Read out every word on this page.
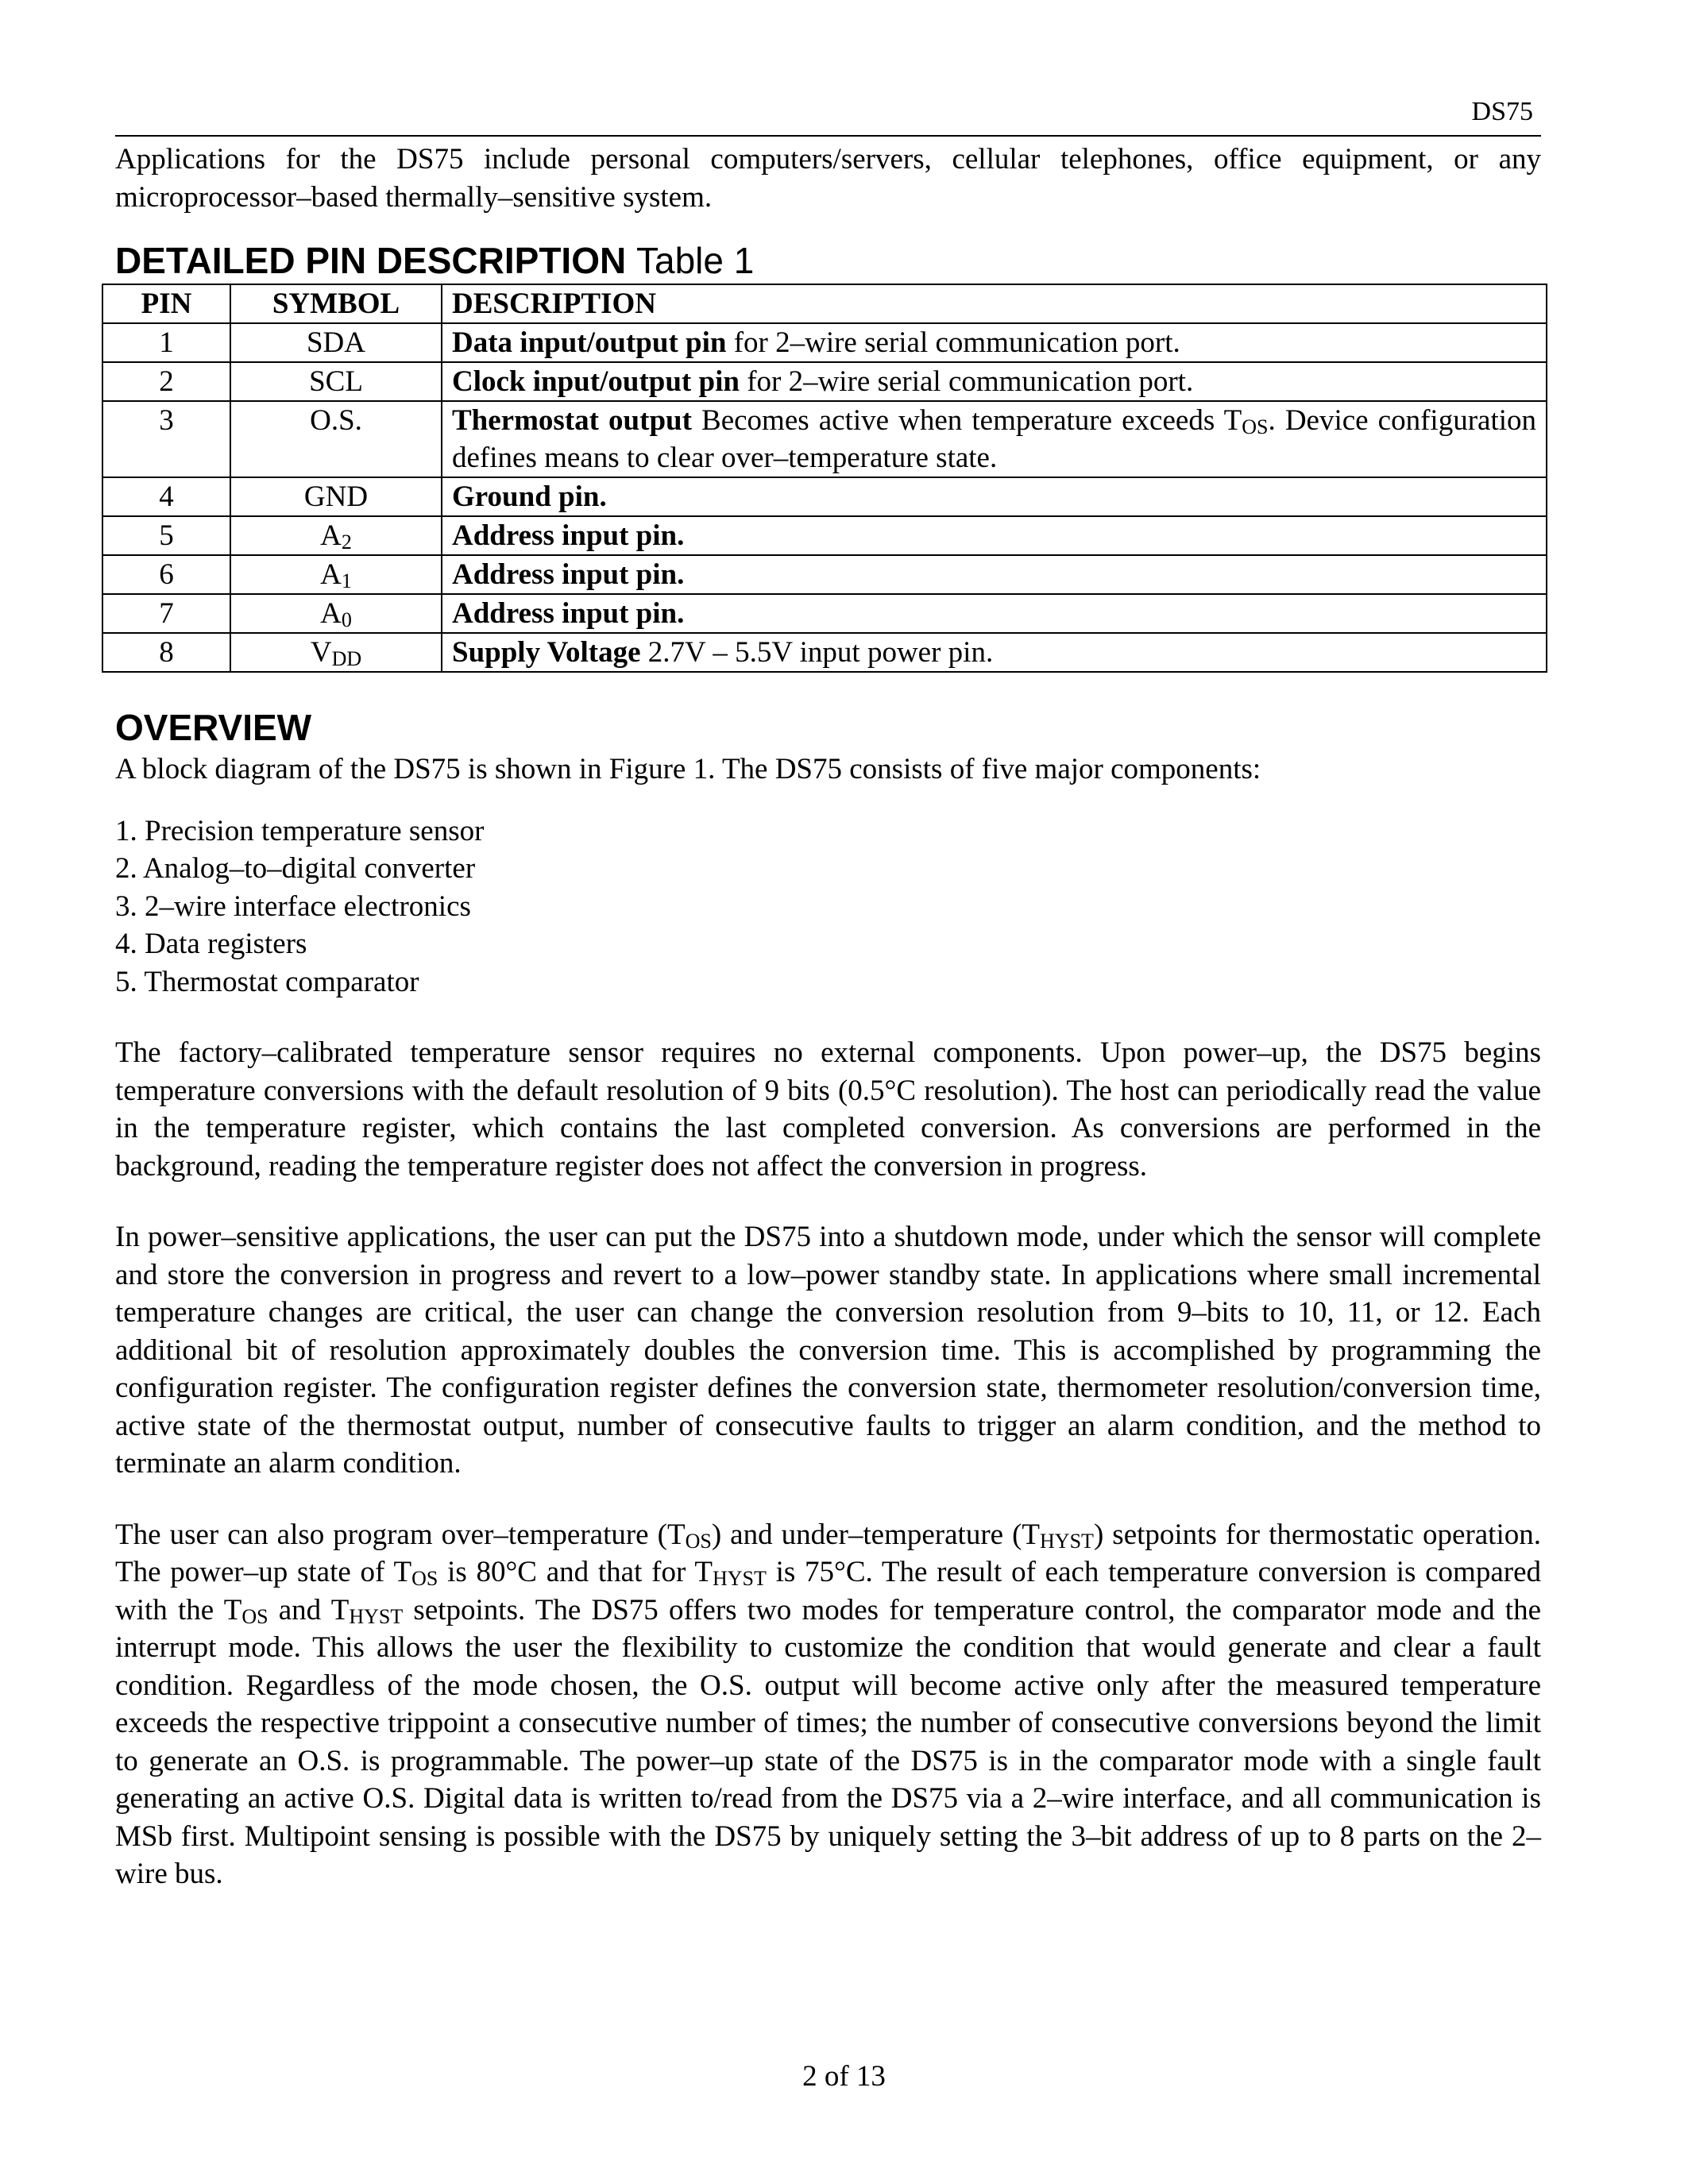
DS75

Applications for the DS75 include personal computers/servers, cellular telephones, office equipment, or any microprocessor–based thermally–sensitive system.

DETAILED PIN DESCRIPTION Table 1
PIN	SYMBOL	DESCRIPTION
1	SDA	Data input/output pin for 2–wire serial communication port.
2	SCL	Clock input/output pin for 2–wire serial communication port.
3	O.S.	Thermostat output Becomes active when temperature exceeds TOS. Device configuration defines means to clear over–temperature state.
4	GND	Ground pin.
5	A2	Address input pin.
6	A1	Address input pin.
7	A0	Address input pin.
8	VDD	Supply Voltage 2.7V – 5.5V input power pin.
OVERVIEW

A block diagram of the DS75 is shown in Figure 1. The DS75 consists of five major components:

1. Precision temperature sensor
2. Analog–to–digital converter
3. 2–wire interface electronics
4. Data registers
5. Thermostat comparator

The factory–calibrated temperature sensor requires no external components. Upon power–up, the DS75 begins temperature conversions with the default resolution of 9 bits (0.5°C resolution). The host can periodically read the value in the temperature register, which contains the last completed conversion. As conversions are performed in the background, reading the temperature register does not affect the conversion in progress.

In power–sensitive applications, the user can put the DS75 into a shutdown mode, under which the sensor will complete and store the conversion in progress and revert to a low–power standby state. In applications where small incremental temperature changes are critical, the user can change the conversion resolution from 9–bits to 10, 11, or 12. Each additional bit of resolution approximately doubles the conversion time. This is accomplished by programming the configuration register. The configuration register defines the conversion state, thermometer resolution/conversion time, active state of the thermostat output, number of consecutive faults to trigger an alarm condition, and the method to terminate an alarm condition.

The user can also program over–temperature (TOS) and under–temperature (THYST) setpoints for thermostatic operation. The power–up state of TOS is 80°C and that for THYST is 75°C. The result of each temperature conversion is compared with the TOS and THYST setpoints. The DS75 offers two modes for temperature control, the comparator mode and the interrupt mode. This allows the user the flexibility to customize the condition that would generate and clear a fault condition. Regardless of the mode chosen, the O.S. output will become active only after the measured temperature exceeds the respective trippoint a consecutive number of times; the number of consecutive conversions beyond the limit to generate an O.S. is programmable. The power–up state of the DS75 is in the comparator mode with a single fault generating an active O.S. Digital data is written to/read from the DS75 via a 2–wire interface, and all communication is MSb first. Multipoint sensing is possible with the DS75 by uniquely setting the 3–bit address of up to 8 parts on the 2–wire bus.

2 of 13
